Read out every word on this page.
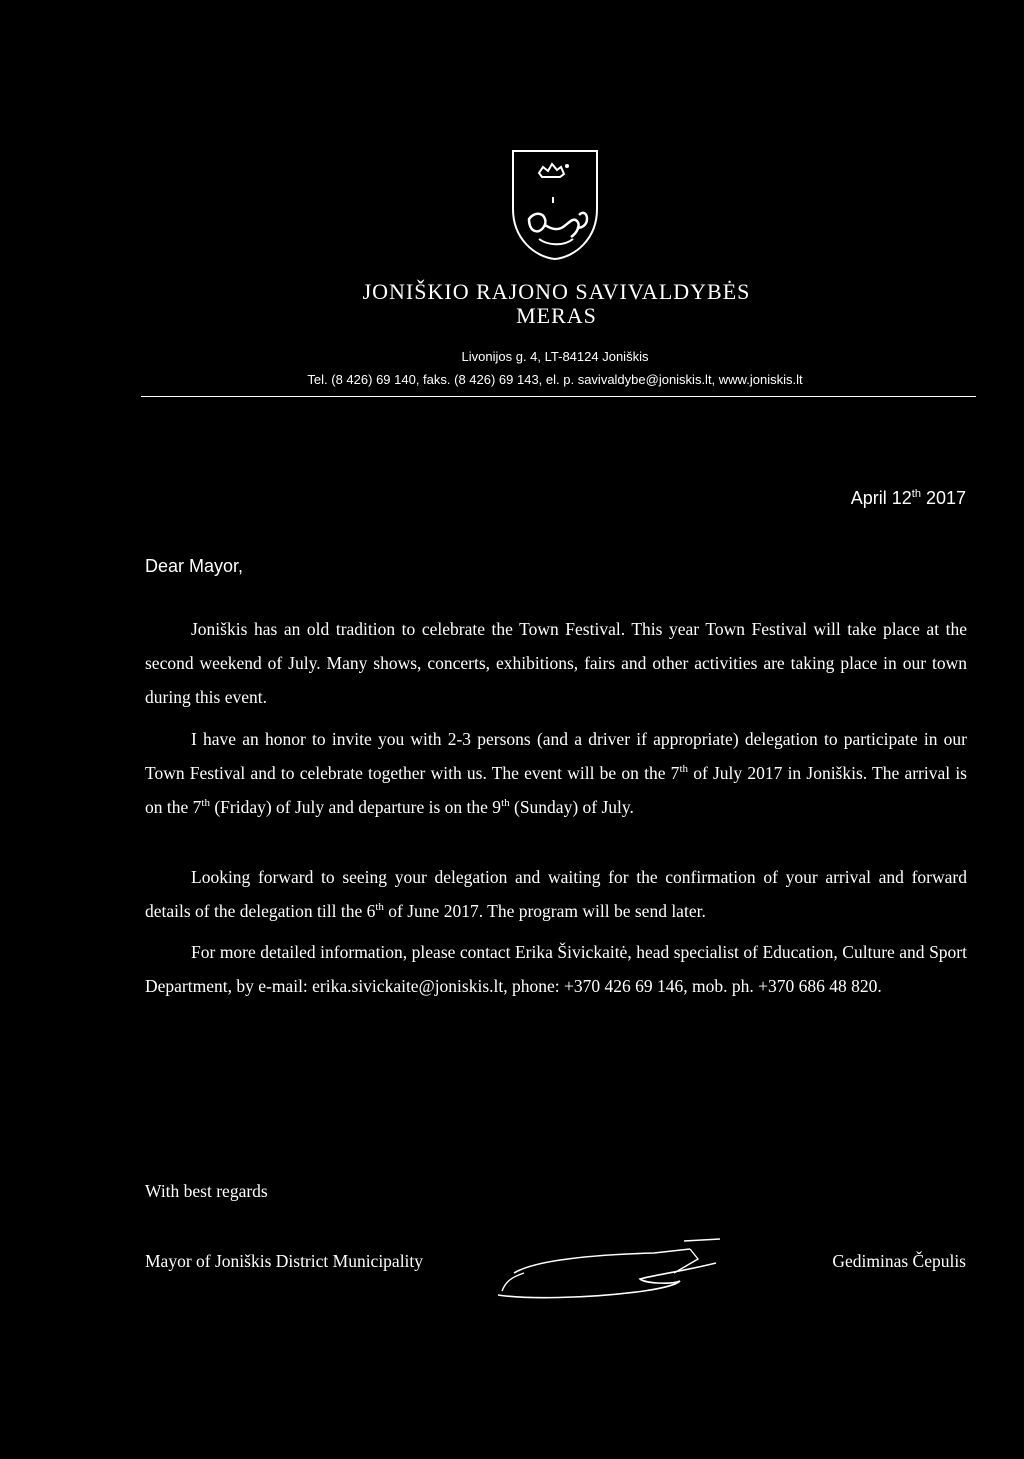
JONIŠKIO RAJONO SAVIVALDYBĖS
MERAS
Livonijos g. 4, LT-84124 Joniškis
Tel. (8 426) 69 140, faks. (8 426) 69 143, el. p. savivaldybe@joniskis.lt, www.joniskis.lt
April 12th 2017
Dear Mayor,
Joniškis has an old tradition to celebrate the Town Festival. This year Town Festival will take place at the second weekend of July. Many shows, concerts, exhibitions, fairs and other activities are taking place in our town during this event.
I have an honor to invite you with 2-3 persons (and a driver if appropriate) delegation to participate in our Town Festival and to celebrate together with us. The event will be on the 7th of July 2017 in Joniškis. The arrival is on the 7th (Friday) of July and departure is on the 9th (Sunday) of July.
Looking forward to seeing your delegation and waiting for the confirmation of your arrival and forward details of the delegation till the 6th of June 2017. The program will be send later.
For more detailed information, please contact Erika Šivickaitė, head specialist of Education, Culture and Sport Department, by e-mail: erika.sivickaite@joniskis.lt, phone: +370 426 69 146, mob. ph. +370 686 48 820.
With best regards
Mayor of Joniškis District Municipality	Gediminas Čepulis
